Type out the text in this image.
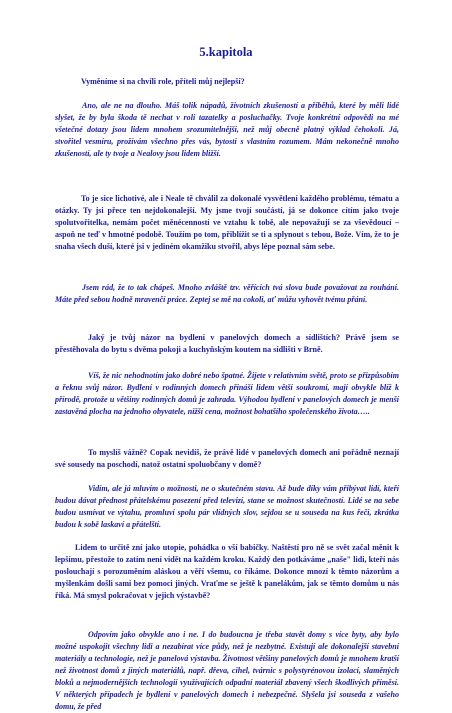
5.kapitola

Vyměníme si na chvíli role, příteli můj nejlepší?

Ano, ale ne na dlouho. Máš tolik nápadů, životních zkušeností a příběhů, které by měli lidé slyšet, že by byla škoda tě nechat v roli tazatelky a posluchačky. Tvoje konkrétní odpovědi na mé všetečné dotazy jsou lidem mnohem srozumitelnější, než můj obecně platný výklad čehokoli. Já, stvořitel vesmíru, prožívám všechno přes vás, bytosti s vlastním rozumem. Mám nekonečně mnoho zkušeností, ale ty tvoje a Nealovy jsou lidem bližší.

To je sice lichotivé, ale i Neale tě chválil za dokonalé vysvětlení každého problému, tématu a otázky. Ty jsi přece ten nejdokonalejší. My jsme tvojí součástí, já se dokonce cítím jako tvoje spolutvořitelka, nemám počet měnécenností ve vztahu k tobě, ale nepovažuji se za vševědoucí – aspoň ne teď v hmotné podobě. Toužím po tom, přiblížit se ti a splynout s tebou, Bože. Vím, že to je snaha všech duší, které jsi v jediném okamžiku stvořil, abys lépe poznal sám sebe.

Jsem rád, že to tak chápeš. Mnoho zvláště tzv. věřících tvá slova bude považovat za rouhání. Máte před sebou hodně mravenčí práce. Zeptej se mě na cokoli, ať můžu vyhovět tvému přání.

Jaký je tvůj názor na bydlení v panelových domech a sídlištích? Právě jsem se přestěhovala do bytu s dvěma pokoji a kuchyňským koutem na sídlišti v Brně.

Víš, že nic nehodnotím jako dobré nebo špatné. Žijete v relativním světě, proto se přizpůsobím a řeknu svůj názor. Bydlení v rodinných domech přináší lidem větší soukromí, mají obvykle blíž k přírodě, protože u většiny rodinných domů je zahrada. Výhodou bydlení v panelových domech je menší zastavěná plocha na jednoho obyvatele, nižší cena, možnost bohatšího společenského života…..

To myslíš vážně? Copak nevidíš, že právě lidé v panelových domech ani pořádně neznají své sousedy na poschodí, natož ostatní spoluobčany v domě?

Vidím, ale já mluvím o možnosti, ne o skutečném stavu. Až bude díky vám přibývat lidí, kteří budou dávat přednost přátelskému posezení před televizí, stane se možnost skutečností. Lidé se na sebe budou usmívat ve výtahu, promluví spolu pár vlídných slov, sejdou se u souseda na kus řeči, zkrátka budou k sobě laskaví a přátelští.

Lidem to určitě zní jako utopie, pohádka o vší babičky. Naštěstí pro ně se svět začal měnit k lepšímu, přestože to zatím není vidět na každém kroku. Každý den potkáváme „naše" lidi, kteří nás poslouchají s porozuměním aláskou a věří všemu, co říkáme. Dokonce mnozí k těmto názorům a myšlenkám došli sami bez pomoci jiných. Vraťme se ještě k panelákům, jak se těmto domům u nás říká. Má smysl pokračovat v jejich výstavbě?

Odpovím jako obvykle ano i ne. I do budoucna je třeba stavět domy s více byty, aby bylo možné uspokojit všechny lidi a nezabírat více půdy, než je nezbytné. Existují ale dokonalejší stavební materiály a technologie, než je panelová výstavba. Životnost většiny panelových domů je mnohem kratší než životnost domů z jiných materiálů, např. dřeva, cihel, tvárnic s polystyrénovou izolací, slaměných bloků a nejmodernějších technologií využívajících odpadní materiál zbavený všech škodlivých příměsí. V některých případech je bydlení v panelových domech i nebezpečné. Slyšela jsi souseda z vašeho domu, že před
